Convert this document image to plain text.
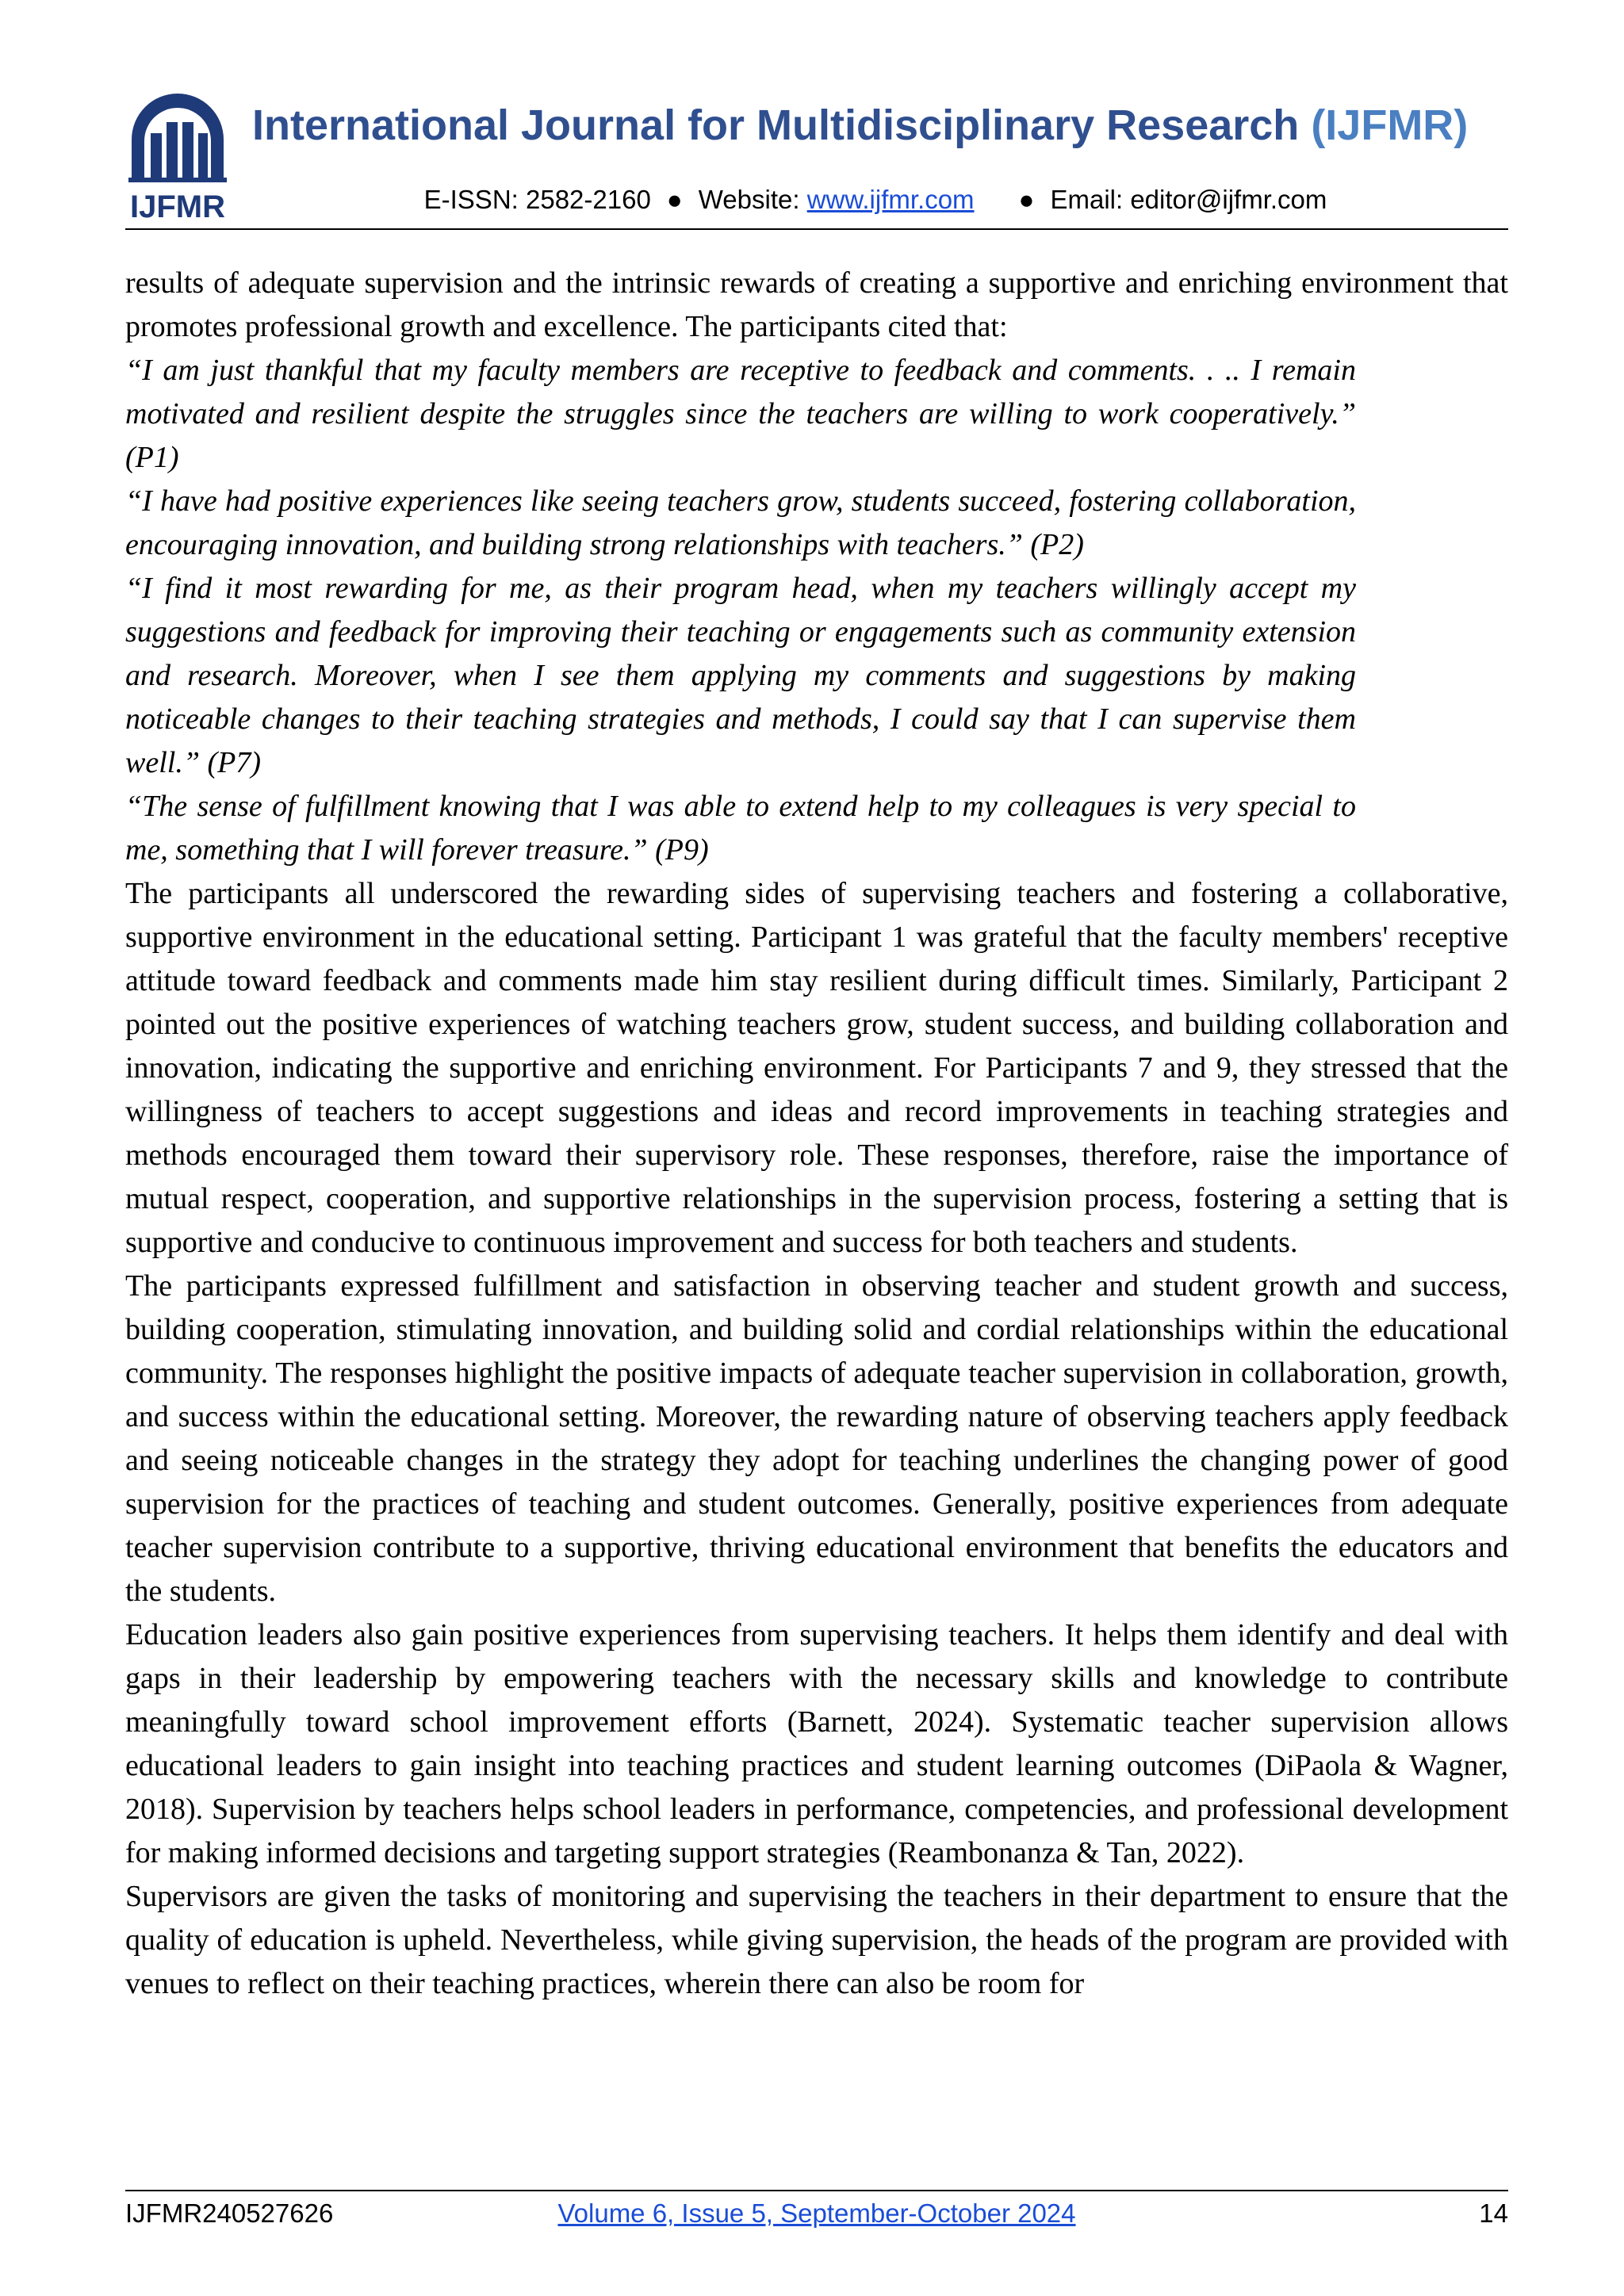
IJFMR
International Journal for Multidisciplinary Research (IJFMR)
E-ISSN: 2582-2160 ● Website: www.ijfmr.com ● Email: editor@ijfmr.com

results of adequate supervision and the intrinsic rewards of creating a supportive and enriching environment that promotes professional growth and excellence. The participants cited that:

“I am just thankful that my faculty members are receptive to feedback and comments. . .. I remain motivated and resilient despite the struggles since the teachers are willing to work cooperatively.” (P1)

“I have had positive experiences like seeing teachers grow, students succeed, fostering collaboration, encouraging innovation, and building strong relationships with teachers.” (P2)

“I find it most rewarding for me, as their program head, when my teachers willingly accept my suggestions and feedback for improving their teaching or engagements such as community extension and research. Moreover, when I see them applying my comments and suggestions by making noticeable changes to their teaching strategies and methods, I could say that I can supervise them well.” (P7)

“The sense of fulfillment knowing that I was able to extend help to my colleagues is very special to me, something that I will forever treasure.” (P9)

The participants all underscored the rewarding sides of supervising teachers and fostering a collaborative, supportive environment in the educational setting. Participant 1 was grateful that the faculty members' receptive attitude toward feedback and comments made him stay resilient during difficult times. Similarly, Participant 2 pointed out the positive experiences of watching teachers grow, student success, and building collaboration and innovation, indicating the supportive and enriching environment. For Participants 7 and 9, they stressed that the willingness of teachers to accept suggestions and ideas and record improvements in teaching strategies and methods encouraged them toward their supervisory role. These responses, therefore, raise the importance of mutual respect, cooperation, and supportive relationships in the supervision process, fostering a setting that is supportive and conducive to continuous improvement and success for both teachers and students.

The participants expressed fulfillment and satisfaction in observing teacher and student growth and success, building cooperation, stimulating innovation, and building solid and cordial relationships within the educational community. The responses highlight the positive impacts of adequate teacher supervision in collaboration, growth, and success within the educational setting. Moreover, the rewarding nature of observing teachers apply feedback and seeing noticeable changes in the strategy they adopt for teaching underlines the changing power of good supervision for the practices of teaching and student outcomes. Generally, positive experiences from adequate teacher supervision contribute to a supportive, thriving educational environment that benefits the educators and the students.

Education leaders also gain positive experiences from supervising teachers. It helps them identify and deal with gaps in their leadership by empowering teachers with the necessary skills and knowledge to contribute meaningfully toward school improvement efforts (Barnett, 2024). Systematic teacher supervision allows educational leaders to gain insight into teaching practices and student learning outcomes (DiPaola & Wagner, 2018). Supervision by teachers helps school leaders in performance, competencies, and professional development for making informed decisions and targeting support strategies (Reambonanza & Tan, 2022).

Supervisors are given the tasks of monitoring and supervising the teachers in their department to ensure that the quality of education is upheld. Nevertheless, while giving supervision, the heads of the program are provided with venues to reflect on their teaching practices, wherein there can also be room for

IJFMR240527626	Volume 6, Issue 5, September-October 2024	14
